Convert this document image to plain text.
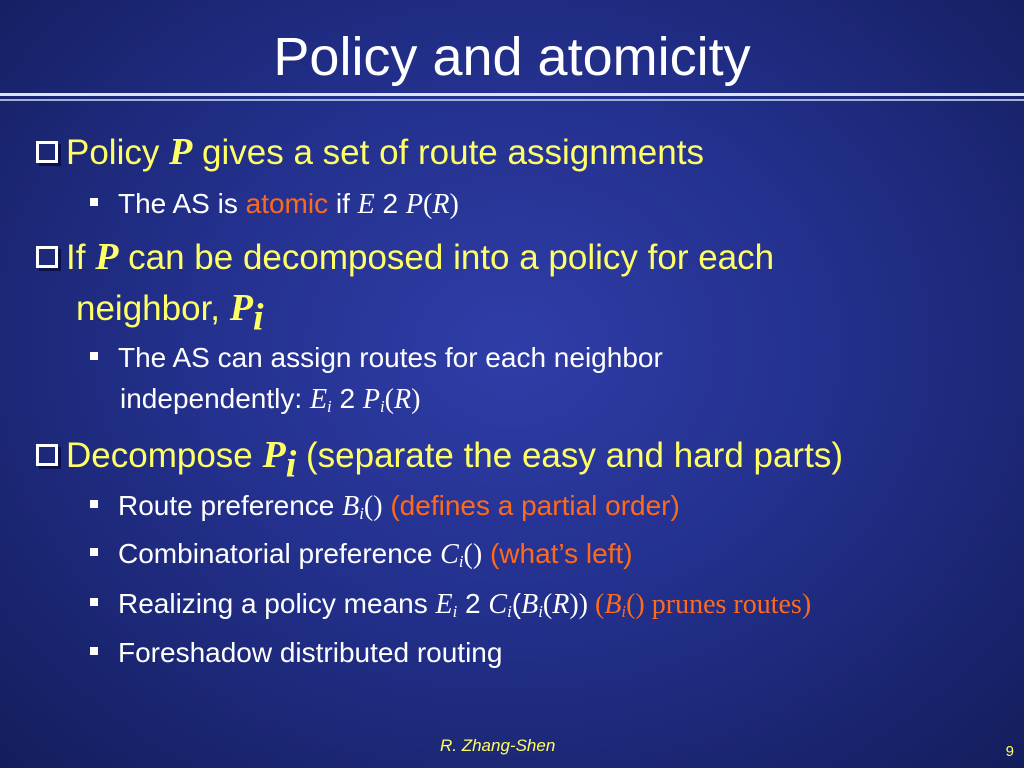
Policy and atomicity
Policy P gives a set of route assignments
The AS is atomic if E 2 P(R)
If P can be decomposed into a policy for each
neighbor, $P_i$
The AS can assign routes for each neighbor
independently: $E_i$ 2 $P_i(R)$
Decompose $P_i$ (separate the easy and hard parts)
Route preference $B_i()$ (defines a partial order)
Combinatorial preference $C_i()$ (what’s left)
Realizing a policy means $E_i$ 2 $C_i(B_i(R))$ ($B_i()$ prunes routes)
Foreshadow distributed routing
R. Zhang-Shen	9
